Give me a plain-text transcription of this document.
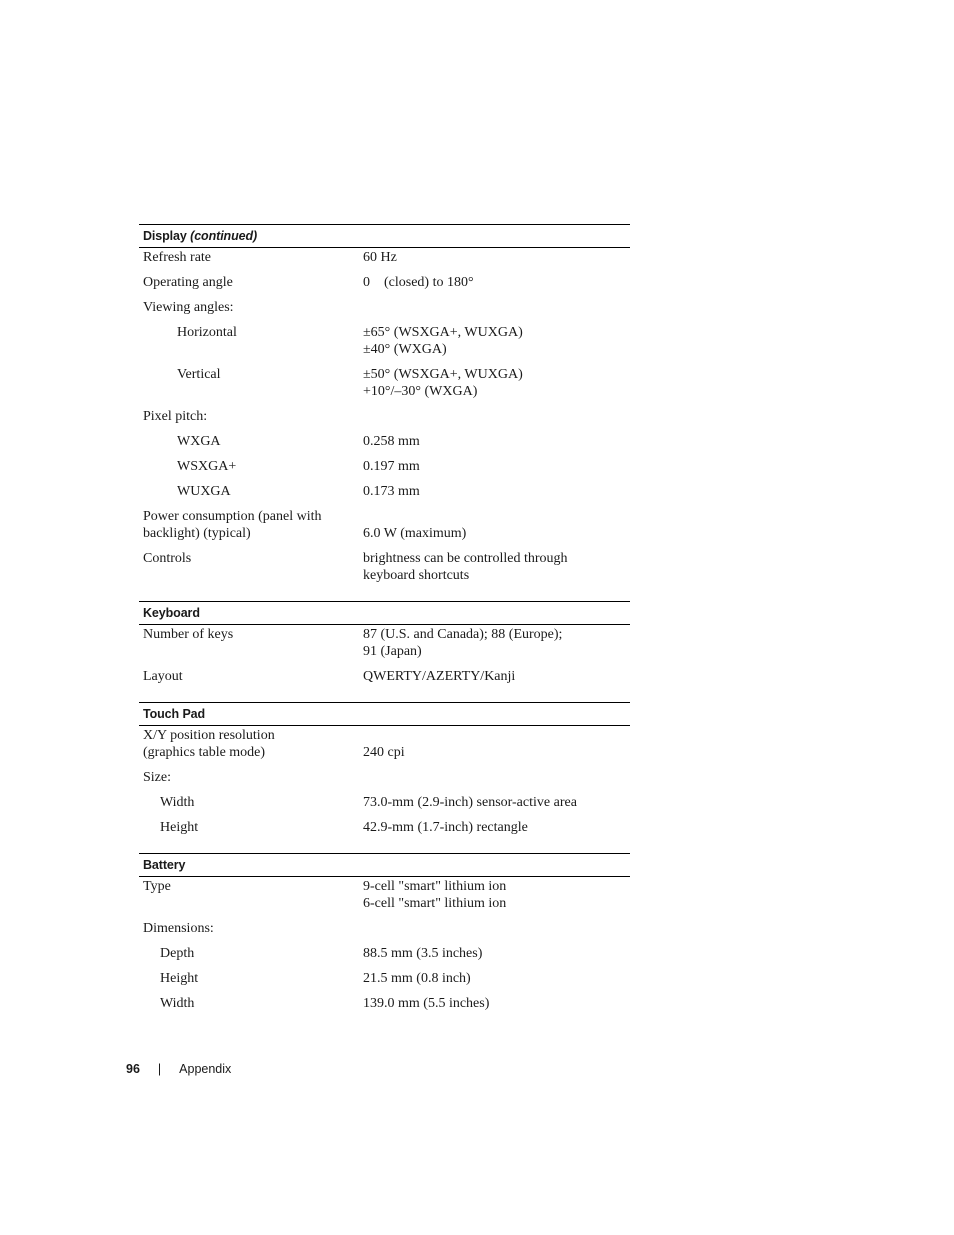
Display (continued)
Refresh rate	60 Hz
Operating angle	0    (closed) to 180°
Viewing angles:
Horizontal	±65° (WSXGA+, WUXGA)
±40° (WXGA)
Vertical	±50° (WSXGA+, WUXGA)
+10°/–30° (WXGA)
Pixel pitch:
WXGA	0.258 mm
WSXGA+	0.197 mm
WUXGA	0.173 mm
Power consumption (panel with
backlight) (typical)	6.0 W (maximum)
Controls	brightness can be controlled through
keyboard shortcuts
Keyboard
Number of keys	87 (U.S. and Canada); 88 (Europe);
91 (Japan)
Layout	QWERTY/AZERTY/Kanji
Touch Pad
X/Y position resolution
(graphics table mode)	240 cpi
Size:
Width	73.0-mm (2.9-inch) sensor-active area
Height	42.9-mm (1.7-inch) rectangle
Battery
Type	9-cell "smart" lithium ion
6-cell "smart" lithium ion
Dimensions:
Depth	88.5 mm (3.5 inches)
Height	21.5 mm (0.8 inch)
Width	139.0 mm (5.5 inches)
96 | Appendix
